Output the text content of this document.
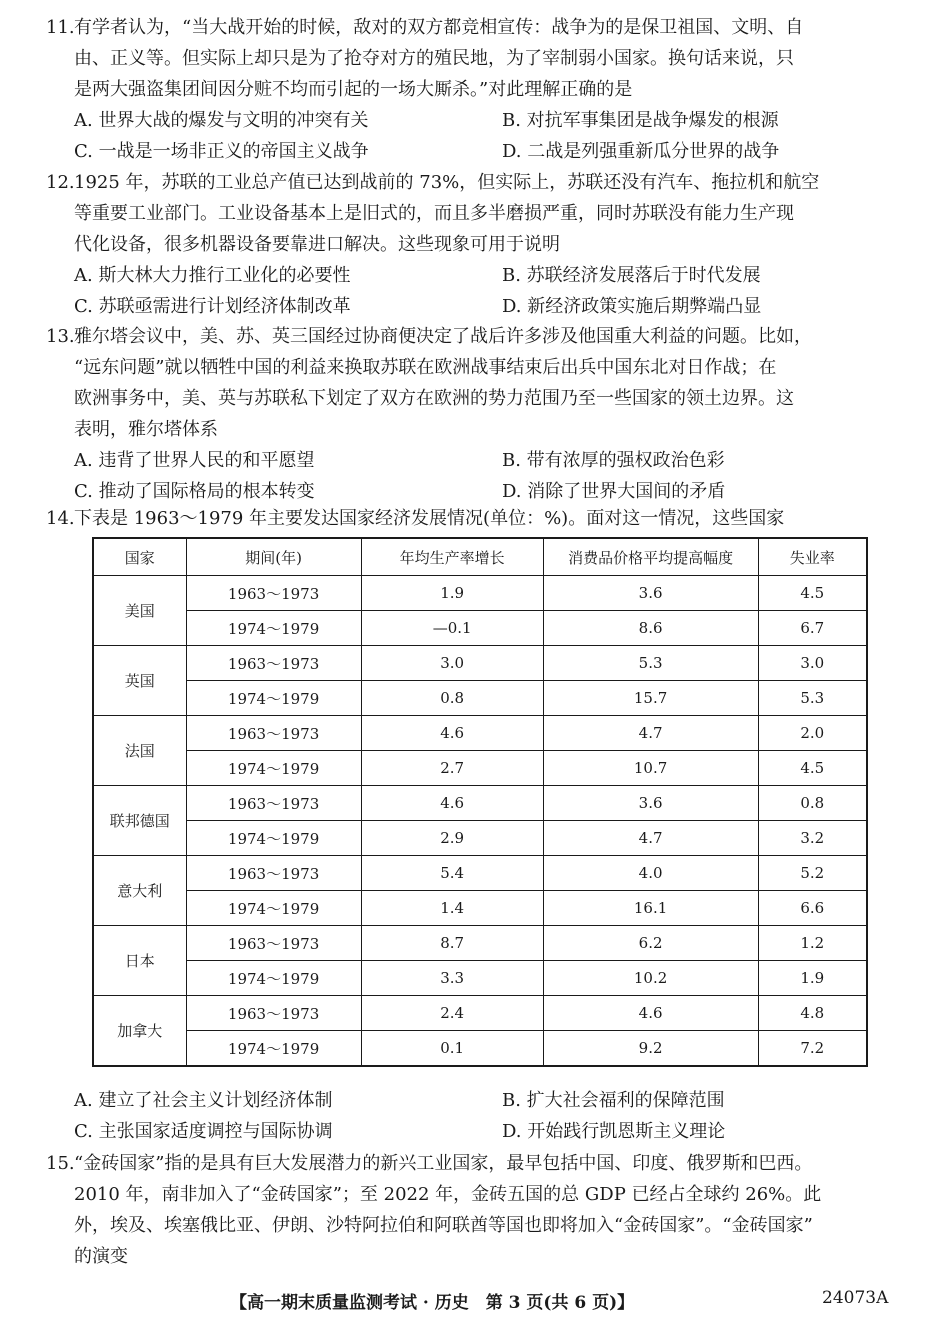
11.有学者认为，“当大战开始的时候，敌对的双方都竞相宣传：战争为的是保卫祖国、文明、自
由、正义等。但实际上却只是为了抢夺对方的殖民地，为了宰制弱小国家。换句话来说，只
是两大强盗集团间因分赃不均而引起的一场大厮杀。”对此理解正确的是

A. 世界大战的爆发与文明的冲突有关	B. 对抗军事集团是战争爆发的根源
C. 一战是一场非正义的帝国主义战争	D. 二战是列强重新瓜分世界的战争

12.1925 年，苏联的工业总产值已达到战前的 73%，但实际上，苏联还没有汽车、拖拉机和航空
等重要工业部门。工业设备基本上是旧式的，而且多半磨损严重，同时苏联没有能力生产现
代化设备，很多机器设备要靠进口解决。这些现象可用于说明

A. 斯大林大力推行工业化的必要性	B. 苏联经济发展落后于时代发展
C. 苏联亟需进行计划经济体制改革	D. 新经济政策实施后期弊端凸显

13.雅尔塔会议中，美、苏、英三国经过协商便决定了战后许多涉及他国重大利益的问题。比如，
“远东问题”就以牺牲中国的利益来换取苏联在欧洲战事结束后出兵中国东北对日作战；在
欧洲事务中，美、英与苏联私下划定了双方在欧洲的势力范围乃至一些国家的领土边界。这
表明，雅尔塔体系

A. 违背了世界人民的和平愿望	B. 带有浓厚的强权政治色彩
C. 推动了国际格局的根本转变	D. 消除了世界大国间的矛盾

14.下表是 1963～1979 年主要发达国家经济发展情况(单位：%)。面对这一情况，这些国家

国家	期间(年)	年均生产率增长	消费品价格平均提高幅度	失业率
美国	1963～1973	1.9	3.6	4.5
	1974～1979	—0.1	8.6	6.7
英国	1963～1973	3.0	5.3	3.0
	1974～1979	0.8	15.7	5.3
法国	1963～1973	4.6	4.7	2.0
	1974～1979	2.7	10.7	4.5
联邦德国	1963～1973	4.6	3.6	0.8
	1974～1979	2.9	4.7	3.2
意大利	1963～1973	5.4	4.0	5.2
	1974～1979	1.4	16.1	6.6
日本	1963～1973	8.7	6.2	1.2
	1974～1979	3.3	10.2	1.9
加拿大	1963～1973	2.4	4.6	4.8
	1974～1979	0.1	9.2	7.2
A. 建立了社会主义计划经济体制	B. 扩大社会福利的保障范围
C. 主张国家适度调控与国际协调	D. 开始践行凯恩斯主义理论

15.“金砖国家”指的是具有巨大发展潜力的新兴工业国家，最早包括中国、印度、俄罗斯和巴西。
2010 年，南非加入了“金砖国家”；至 2022 年，金砖五国的总 GDP 已经占全球约 26%。此
外，埃及、埃塞俄比亚、伊朗、沙特阿拉伯和阿联酋等国也即将加入“金砖国家”。“金砖国家”
的演变

【高一期末质量监测考试 · 历史　第 3 页(共 6 页)】	24073A
